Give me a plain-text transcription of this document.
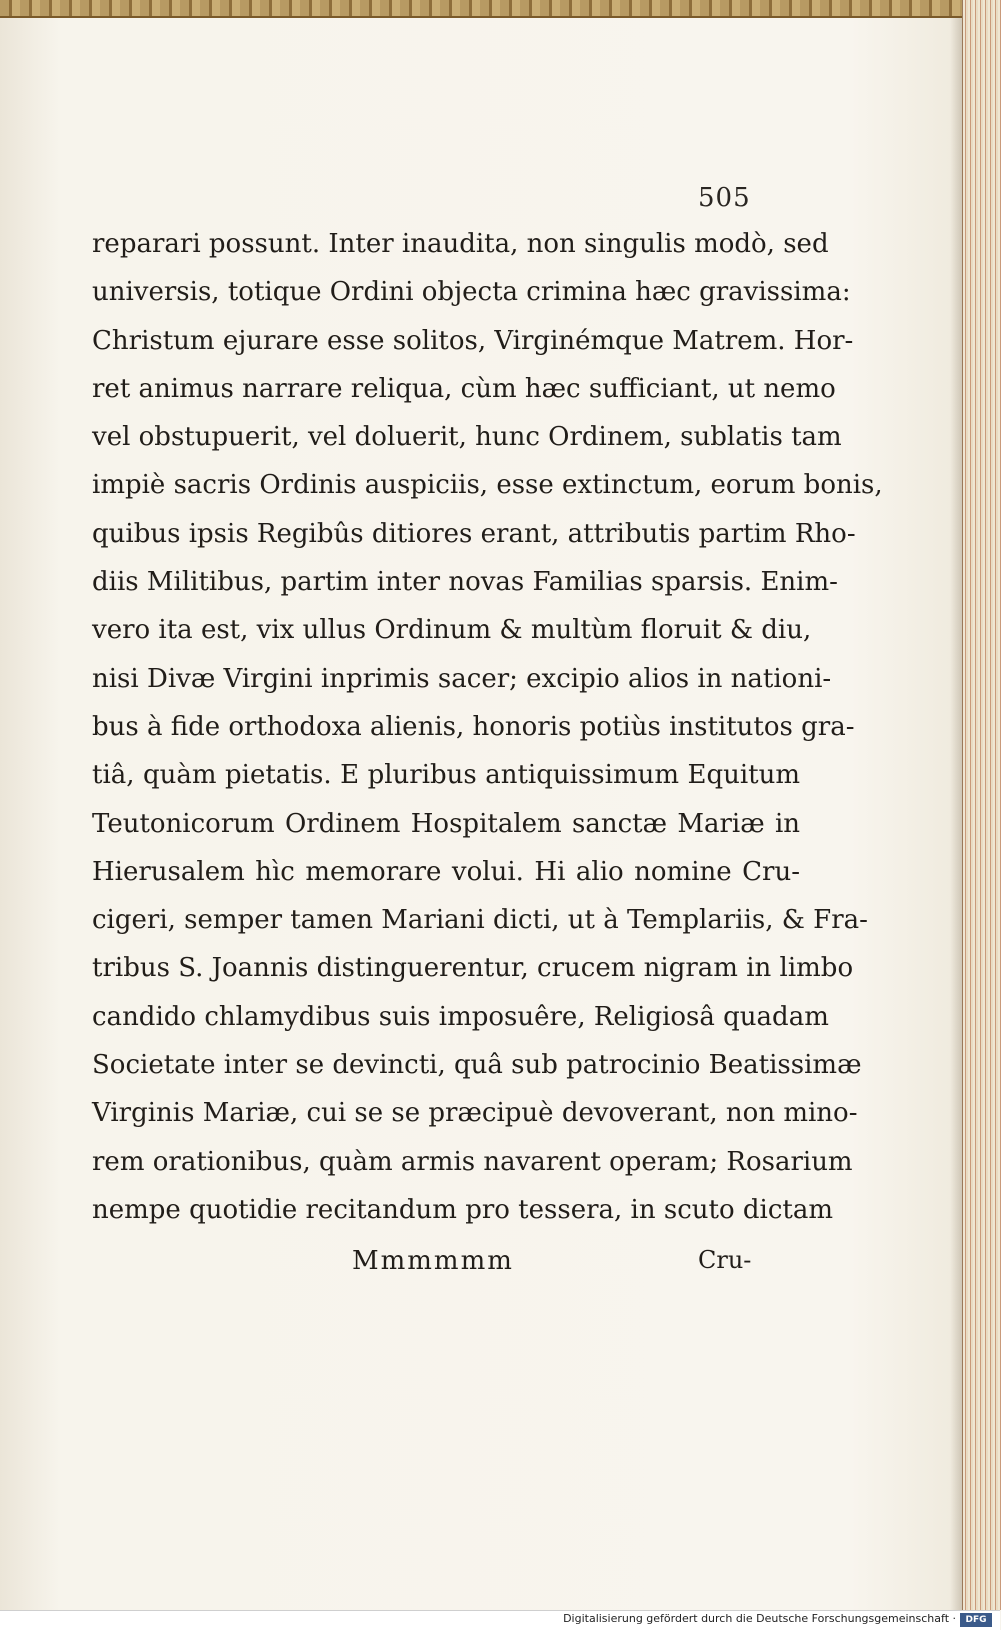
505
reparari possunt. Inter inaudita, non singulis modò, sed
universis, totique Ordini objecta crimina hæc gravissima:
Christum ejurare esse solitos, Virginémque Matrem. Hor-
ret animus narrare reliqua, cùm hæc sufficiant, ut nemo
vel obstupuerit, vel doluerit, hunc Ordinem, sublatis tam
impiè sacris Ordinis auspiciis, esse extinctum, eorum bonis,
quibus ipsis Regibûs ditiores erant, attributis partim Rho-
diis Militibus, partim inter novas Familias sparsis. Enim-
vero ita est, vix ullus Ordinum & multùm floruit & diu,
nisi Divæ Virgini inprimis sacer; excipio alios in nationi-
bus à fide orthodoxa alienis, honoris potiùs institutos gra-
tiâ, quàm pietatis. E pluribus antiquissimum Equitum
Teutonicorum Ordinem Hospitalem sanctæ Mariæ in
Hierusalem hìc memorare volui. Hi alio nomine Cru-
cigeri, semper tamen Mariani dicti, ut à Templariis, & Fra-
tribus S. Joannis distinguerentur, crucem nigram in limbo
candido chlamydibus suis imposuêre, Religiosâ quadam
Societate inter se devincti, quâ sub patrocinio Beatissimæ
Virginis Mariæ, cui se se præcipuè devoverant, non mino-
rem orationibus, quàm armis navarent operam; Rosarium
nempe quotidie recitandum pro tessera, in scuto dictam
Mmmmmm	Cru-
Digitalisierung gefördert durch die Deutsche Forschungsgemeinschaft ·	DFG
